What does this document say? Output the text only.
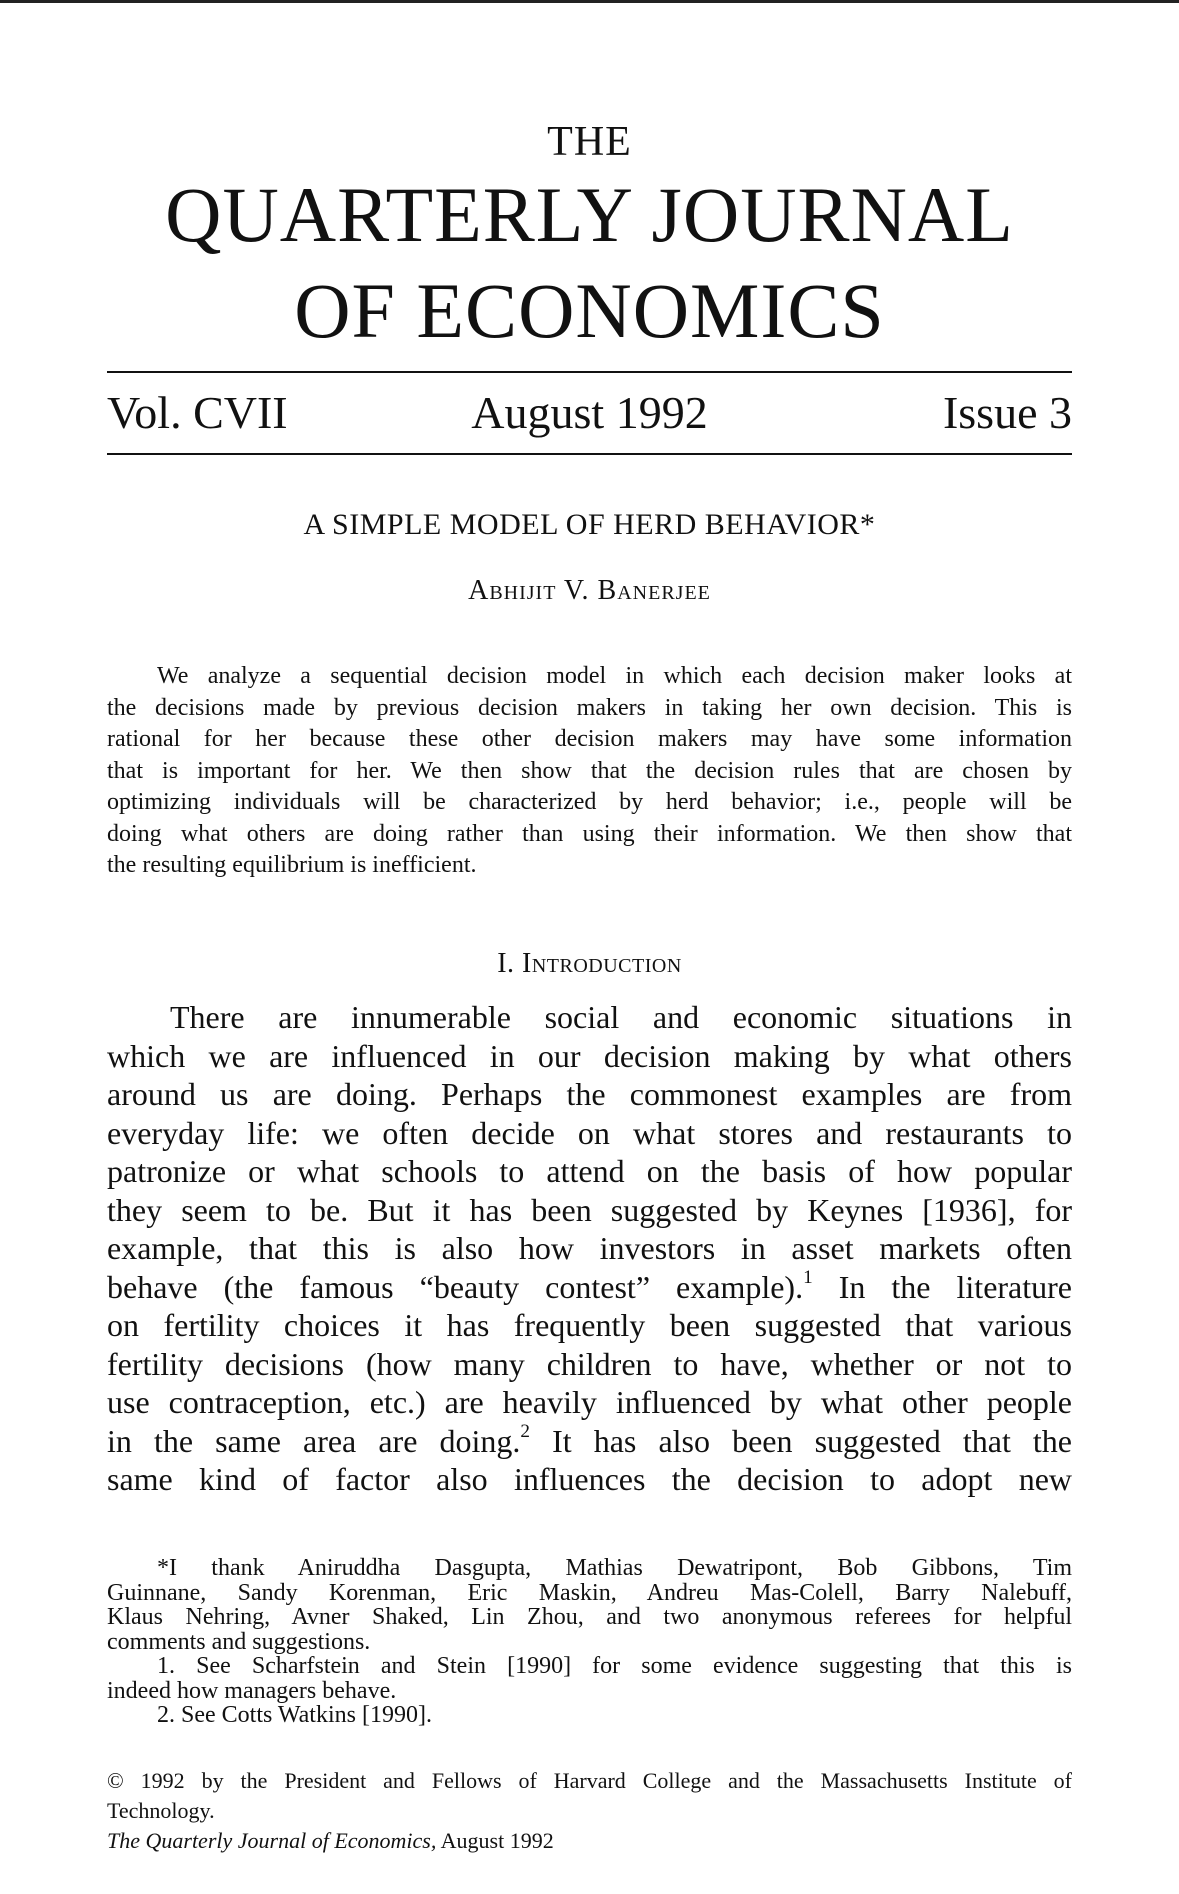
THE
QUARTERLY JOURNAL
OF ECONOMICS
Vol. CVII	August 1992	Issue 3
A SIMPLE MODEL OF HERD BEHAVIOR*
Abhijit V. Banerjee
We analyze a sequential decision model in which each decision maker looks at
the decisions made by previous decision makers in taking her own decision. This is
rational for her because these other decision makers may have some information
that is important for her. We then show that the decision rules that are chosen by
optimizing individuals will be characterized by herd behavior; i.e., people will be
doing what others are doing rather than using their information. We then show that
the resulting equilibrium is inefficient.
I. Introduction
There are innumerable social and economic situations in
which we are influenced in our decision making by what others
around us are doing. Perhaps the commonest examples are from
everyday life: we often decide on what stores and restaurants to
patronize or what schools to attend on the basis of how popular
they seem to be. But it has been suggested by Keynes [1936], for
example, that this is also how investors in asset markets often
behave (the famous “beauty contest” example).$^1$ In the literature
on fertility choices it has frequently been suggested that various
fertility decisions (how many children to have, whether or not to
use contraception, etc.) are heavily influenced by what other people
in the same area are doing.$^2$ It has also been suggested that the
same kind of factor also influences the decision to adopt new
*I thank Aniruddha Dasgupta, Mathias Dewatripont, Bob Gibbons, Tim
Guinnane, Sandy Korenman, Eric Maskin, Andreu Mas-Colell, Barry Nalebuff,
Klaus Nehring, Avner Shaked, Lin Zhou, and two anonymous referees for helpful
comments and suggestions.
1. See Scharfstein and Stein [1990] for some evidence suggesting that this is
indeed how managers behave.
2. See Cotts Watkins [1990].
© 1992 by the President and Fellows of Harvard College and the Massachusetts Institute of
Technology.
The Quarterly Journal of Economics, August 1992
